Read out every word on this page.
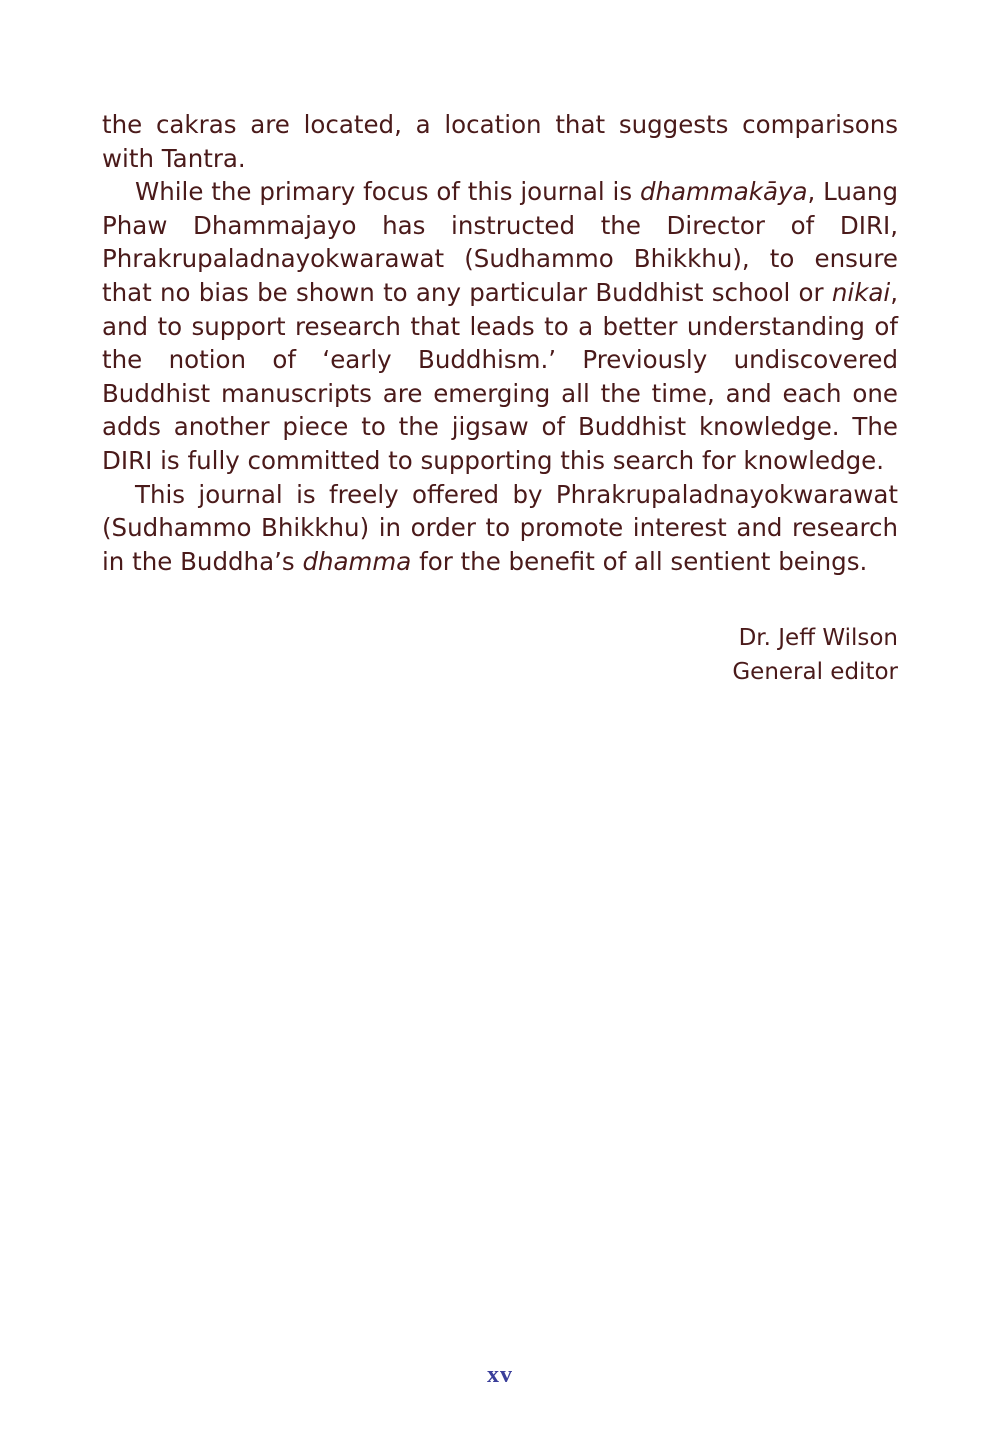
the cakras are located, a location that suggests comparisons with Tantra.

While the primary focus of this journal is dhammakāya, Luang Phaw Dhammajayo has instructed the Director of DIRI, Phrakrupaladnayokwarawat (Sudhammo Bhikkhu), to ensure that no bias be shown to any particular Buddhist school or nikai, and to support research that leads to a better understanding of the notion of ‘early Buddhism.’ Previously undiscovered Buddhist manuscripts are emerging all the time, and each one adds another piece to the jigsaw of Buddhist knowledge. The DIRI is fully committed to supporting this search for knowledge.

This journal is freely offered by Phrakrupaladnayokwarawat (Sudhammo Bhikkhu) in order to promote interest and research in the Buddha’s dhamma for the benefit of all sentient beings.

Dr. Jeff Wilson
General editor
xv
